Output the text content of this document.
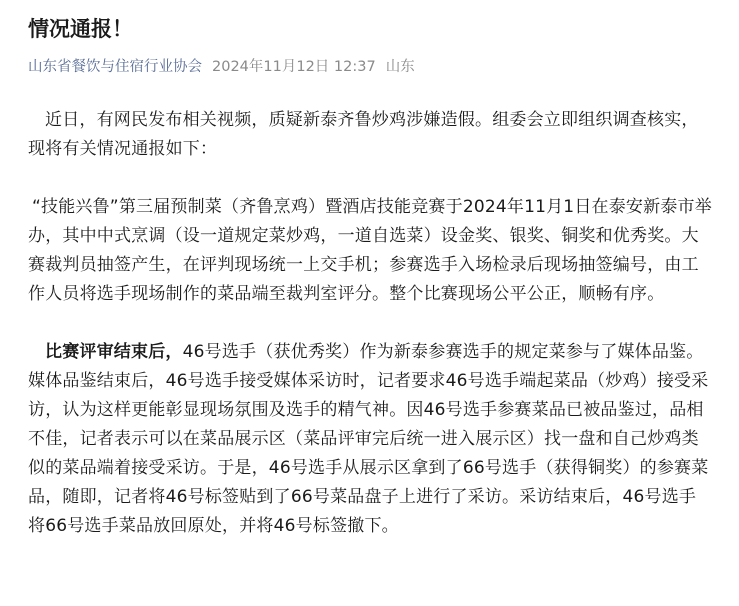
情况通报！
山东省餐饮与住宿行业协会 2024年11月12日 12:37 山东

近日，有网民发布相关视频，质疑新泰齐鲁炒鸡涉嫌造假。组委会立即组织调查核实，现将有关情况通报如下：

“技能兴鲁”第三届预制菜（齐鲁烹鸡）暨酒店技能竞赛于2024年11月1日在泰安新泰市举办，其中中式烹调（设一道规定菜炒鸡，一道自选菜）设金奖、银奖、铜奖和优秀奖。大赛裁判员抽签产生，在评判现场统一上交手机；参赛选手入场检录后现场抽签编号，由工作人员将选手现场制作的菜品端至裁判室评分。整个比赛现场公平公正，顺畅有序。

比赛评审结束后，46号选手（获优秀奖）作为新泰参赛选手的规定菜参与了媒体品鉴。媒体品鉴结束后，46号选手接受媒体采访时，记者要求46号选手端起菜品（炒鸡）接受采访，认为这样更能彰显现场氛围及选手的精气神。因46号选手参赛菜品已被品鉴过，品相不佳，记者表示可以在菜品展示区（菜品评审完后统一进入展示区）找一盘和自己炒鸡类似的菜品端着接受采访。于是，46号选手从展示区拿到了66号选手（获得铜奖）的参赛菜品，随即，记者将46号标签贴到了66号菜品盘子上进行了采访。采访结束后，46号选手将66号选手菜品放回原处，并将46号标签撤下。
